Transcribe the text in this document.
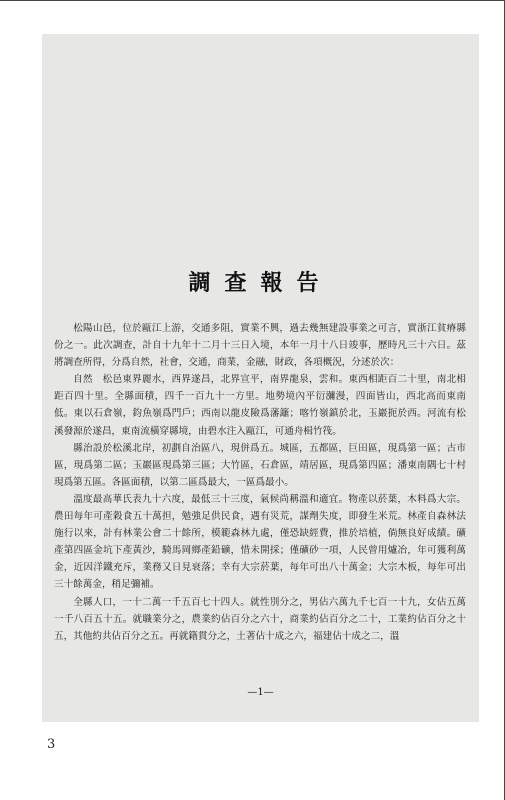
調查報告

松陽山邑，位於甌江上游，交通多阻，實業不興，過去幾無建設事業之可言，實浙江貧瘠縣份之一。此次調查，計自十九年十二月十三日入境，本年一月十八日竣事，歷時凡三十六日。茲將調查所得，分爲自然，社會，交通，商業，金融，財政，各項概況，分述於次：

自然　松邑東界麗水，西界遂昌，北界宣平，南界龍泉，雲和。東西相距百二十里，南北相距百四十里。全縣面積，四千一百九十一方里。地勢境內平衍瀰漫，四面皆山，西北高而東南低。東以石倉嶺，鈞魚嶺爲門戶；西南以龍皮險爲藩籬；喀竹嶺鎮於北，玉巖扼於西。河流有松溪發源於遂昌，東南流橫穿縣境，由碧水注入甌江，可通舟楫竹筏。

縣治設於松溪北岸，初劃自治區八，現併爲五。城區，五都區，巨田區，現爲第一區；古市區，現爲第二區；玉巖區現爲第三區；大竹區，石倉區，靖居區，現爲第四區；潘東南隅七十村現爲第五區。各區面積，以第二區爲最大，一區爲最小。

溫度最高華氏表九十六度，最低三十三度，氣候尚稱溫和適宜。物產以菸葉，木料爲大宗。農田每年可產穀食五十萬担，勉強足供民食，遇有災荒，謀劑失度，即發生米荒。林產自森林法施行以來，計有林業公會二十餘所，模範森林九處，僅恐缺經費，推於培植，倘無良好成績。礦產第四區金坑下產黃沙，騎馬岡鄉產鉛礦，惜未開採；僅礦砂一項，人民曾用爐冶，年可獲利萬金，近因洋鐵充斥，業務又日見衰落；幸有大宗菸葉，每年可出八十萬金；大宗木板，每年可出三十餘萬金，稍足彌補。

全縣人口，一十二萬一千五百七十四人。就性別分之，男佔六萬九千七百一十九，女佔五萬一千八百五十五。就職業分之，農業約佔百分之六十，商業約佔百分之二十，工業約佔百分之十五，其他約共佔百分之五。再就籍貫分之，土著佔十成之六，福建佔十成之二，溫

—1—
3
